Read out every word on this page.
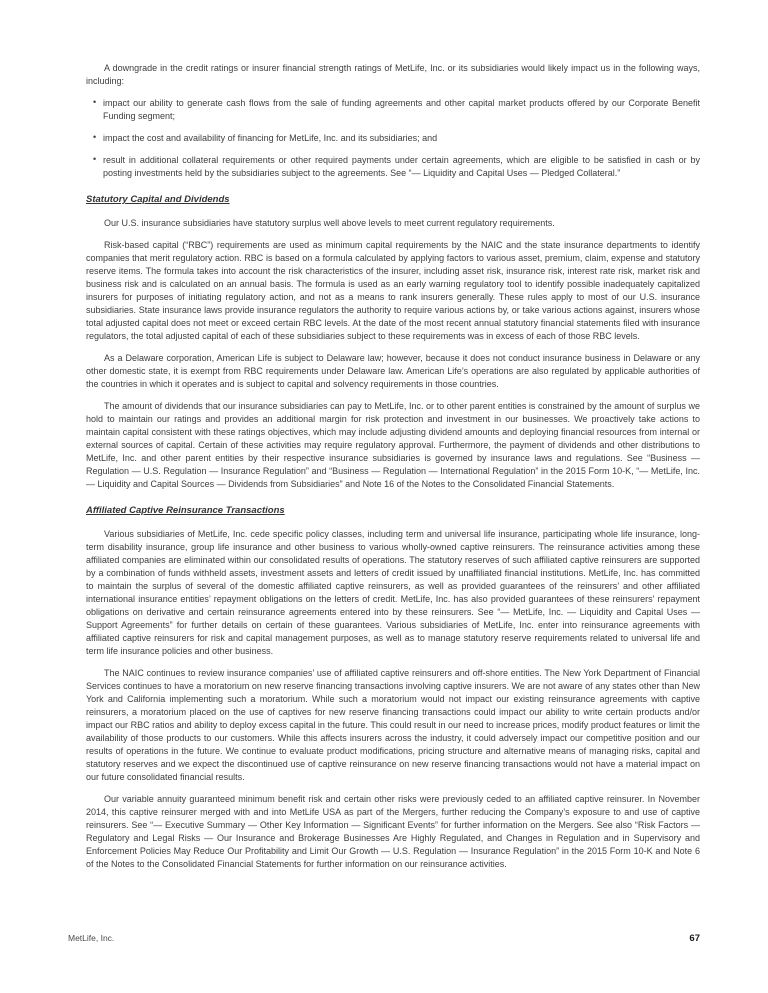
A downgrade in the credit ratings or insurer financial strength ratings of MetLife, Inc. or its subsidiaries would likely impact us in the following ways, including:

• impact our ability to generate cash flows from the sale of funding agreements and other capital market products offered by our Corporate Benefit Funding segment;
• impact the cost and availability of financing for MetLife, Inc. and its subsidiaries; and
• result in additional collateral requirements or other required payments under certain agreements, which are eligible to be satisfied in cash or by posting investments held by the subsidiaries subject to the agreements. See “— Liquidity and Capital Uses — Pledged Collateral.”
Statutory Capital and Dividends

Our U.S. insurance subsidiaries have statutory surplus well above levels to meet current regulatory requirements.

Risk-based capital (“RBC”) requirements are used as minimum capital requirements by the NAIC and the state insurance departments to identify companies that merit regulatory action. RBC is based on a formula calculated by applying factors to various asset, premium, claim, expense and statutory reserve items. The formula takes into account the risk characteristics of the insurer, including asset risk, insurance risk, interest rate risk, market risk and business risk and is calculated on an annual basis. The formula is used as an early warning regulatory tool to identify possible inadequately capitalized insurers for purposes of initiating regulatory action, and not as a means to rank insurers generally. These rules apply to most of our U.S. insurance subsidiaries. State insurance laws provide insurance regulators the authority to require various actions by, or take various actions against, insurers whose total adjusted capital does not meet or exceed certain RBC levels. At the date of the most recent annual statutory financial statements filed with insurance regulators, the total adjusted capital of each of these subsidiaries subject to these requirements was in excess of each of those RBC levels.

As a Delaware corporation, American Life is subject to Delaware law; however, because it does not conduct insurance business in Delaware or any other domestic state, it is exempt from RBC requirements under Delaware law. American Life’s operations are also regulated by applicable authorities of the countries in which it operates and is subject to capital and solvency requirements in those countries.

The amount of dividends that our insurance subsidiaries can pay to MetLife, Inc. or to other parent entities is constrained by the amount of surplus we hold to maintain our ratings and provides an additional margin for risk protection and investment in our businesses. We proactively take actions to maintain capital consistent with these ratings objectives, which may include adjusting dividend amounts and deploying financial resources from internal or external sources of capital. Certain of these activities may require regulatory approval. Furthermore, the payment of dividends and other distributions to MetLife, Inc. and other parent entities by their respective insurance subsidiaries is governed by insurance laws and regulations. See “Business — Regulation — U.S. Regulation — Insurance Regulation” and “Business — Regulation — International Regulation” in the 2015 Form 10-K, “— MetLife, Inc. — Liquidity and Capital Sources — Dividends from Subsidiaries” and Note 16 of the Notes to the Consolidated Financial Statements.

Affiliated Captive Reinsurance Transactions

Various subsidiaries of MetLife, Inc. cede specific policy classes, including term and universal life insurance, participating whole life insurance, long-term disability insurance, group life insurance and other business to various wholly-owned captive reinsurers. The reinsurance activities among these affiliated companies are eliminated within our consolidated results of operations. The statutory reserves of such affiliated captive reinsurers are supported by a combination of funds withheld assets, investment assets and letters of credit issued by unaffiliated financial institutions. MetLife, Inc. has committed to maintain the surplus of several of the domestic affiliated captive reinsurers, as well as provided guarantees of the reinsurers’ and other affiliated international insurance entities’ repayment obligations on the letters of credit. MetLife, Inc. has also provided guarantees of these reinsurers’ repayment obligations on derivative and certain reinsurance agreements entered into by these reinsurers. See “— MetLife, Inc. — Liquidity and Capital Uses — Support Agreements” for further details on certain of these guarantees. Various subsidiaries of MetLife, Inc. enter into reinsurance agreements with affiliated captive reinsurers for risk and capital management purposes, as well as to manage statutory reserve requirements related to universal life and term life insurance policies and other business.

The NAIC continues to review insurance companies’ use of affiliated captive reinsurers and off-shore entities. The New York Department of Financial Services continues to have a moratorium on new reserve financing transactions involving captive insurers. We are not aware of any states other than New York and California implementing such a moratorium. While such a moratorium would not impact our existing reinsurance agreements with captive reinsurers, a moratorium placed on the use of captives for new reserve financing transactions could impact our ability to write certain products and/or impact our RBC ratios and ability to deploy excess capital in the future. This could result in our need to increase prices, modify product features or limit the availability of those products to our customers. While this affects insurers across the industry, it could adversely impact our competitive position and our results of operations in the future. We continue to evaluate product modifications, pricing structure and alternative means of managing risks, capital and statutory reserves and we expect the discontinued use of captive reinsurance on new reserve financing transactions would not have a material impact on our future consolidated financial results.

Our variable annuity guaranteed minimum benefit risk and certain other risks were previously ceded to an affiliated captive reinsurer. In November 2014, this captive reinsurer merged with and into MetLife USA as part of the Mergers, further reducing the Company’s exposure to and use of captive reinsurers. See “— Executive Summary — Other Key Information — Significant Events” for further information on the Mergers. See also “Risk Factors — Regulatory and Legal Risks — Our Insurance and Brokerage Businesses Are Highly Regulated, and Changes in Regulation and in Supervisory and Enforcement Policies May Reduce Our Profitability and Limit Our Growth — U.S. Regulation — Insurance Regulation” in the 2015 Form 10-K and Note 6 of the Notes to the Consolidated Financial Statements for further information on our reinsurance activities.

MetLife, Inc.	67
